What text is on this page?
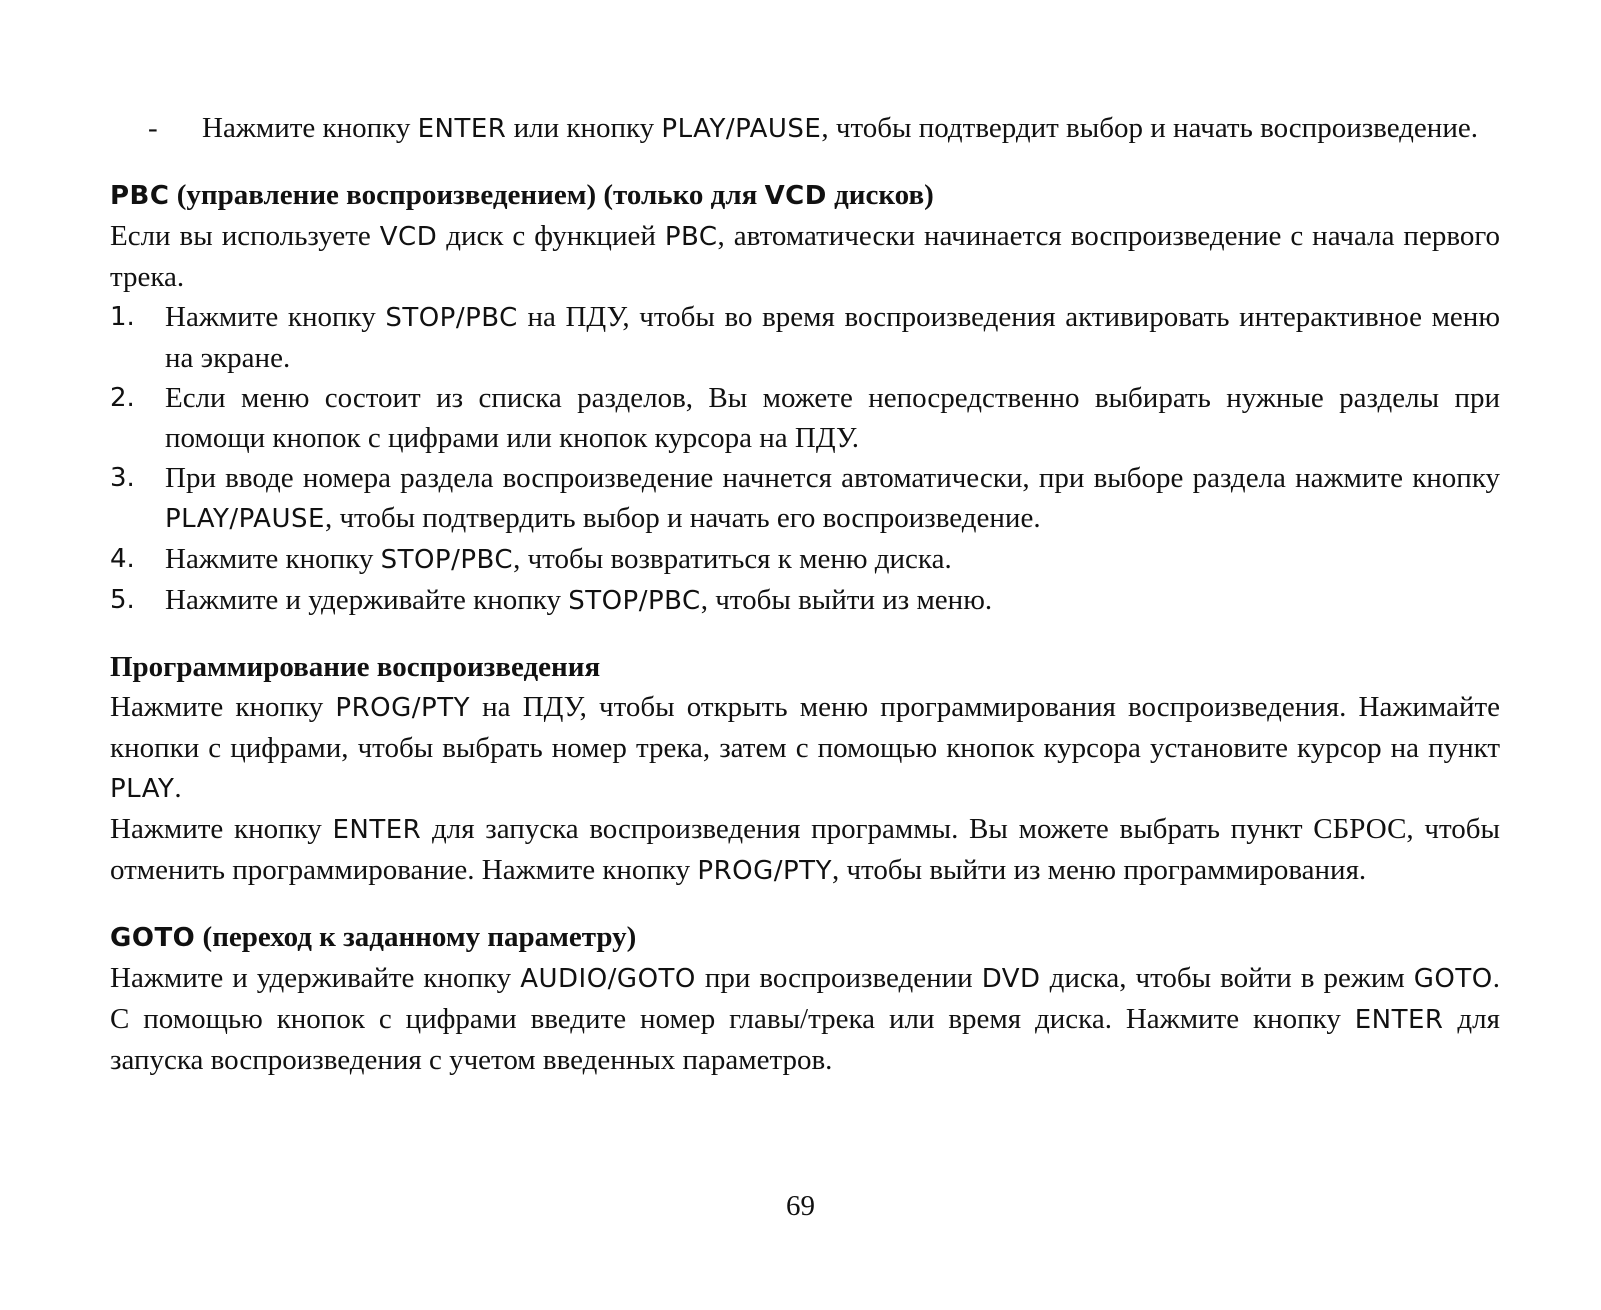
- Нажмите кнопку ENTER или кнопку PLAY/PAUSE, чтобы подтвердит выбор и начать воспроизведение.

PBC (управление воспроизведением) (только для VCD дисков)

Если вы используете VCD диск с функцией PBC, автоматически начинается воспроизведение с начала первого трека.

1. Нажмите кнопку STOP/PBC на ПДУ, чтобы во время воспроизведения активировать интерактивное меню на экране.
2. Если меню состоит из списка разделов, Вы можете непосредственно выбирать нужные разделы при помощи кнопок с цифрами или кнопок курсора на ПДУ.
3. При вводе номера раздела воспроизведение начнется автоматически, при выборе раздела нажмите кнопку PLAY/PAUSE, чтобы подтвердить выбор и начать его воспроизведение.
4. Нажмите кнопку STOP/PBC, чтобы возвратиться к меню диска.
5. Нажмите и удерживайте кнопку STOP/PBC, чтобы выйти из меню.
Программирование воспроизведения

Нажмите кнопку PROG/PTY на ПДУ, чтобы открыть меню программирования воспроизведения. Нажимайте кнопки с цифрами, чтобы выбрать номер трека, затем с помощью кнопок курсора установите курсор на пункт PLAY.

Нажмите кнопку ENTER для запуска воспроизведения программы. Вы можете выбрать пункт СБРОС, чтобы отменить программирование. Нажмите кнопку PROG/PTY, чтобы выйти из меню программирования.

GOTO (переход к заданному параметру)

Нажмите и удерживайте кнопку AUDIO/GOTO при воспроизведении DVD диска, чтобы войти в режим GOTO. С помощью кнопок с цифрами введите номер главы/трека или время диска. Нажмите кнопку ENTER для запуска воспроизведения с учетом введенных параметров.

69
